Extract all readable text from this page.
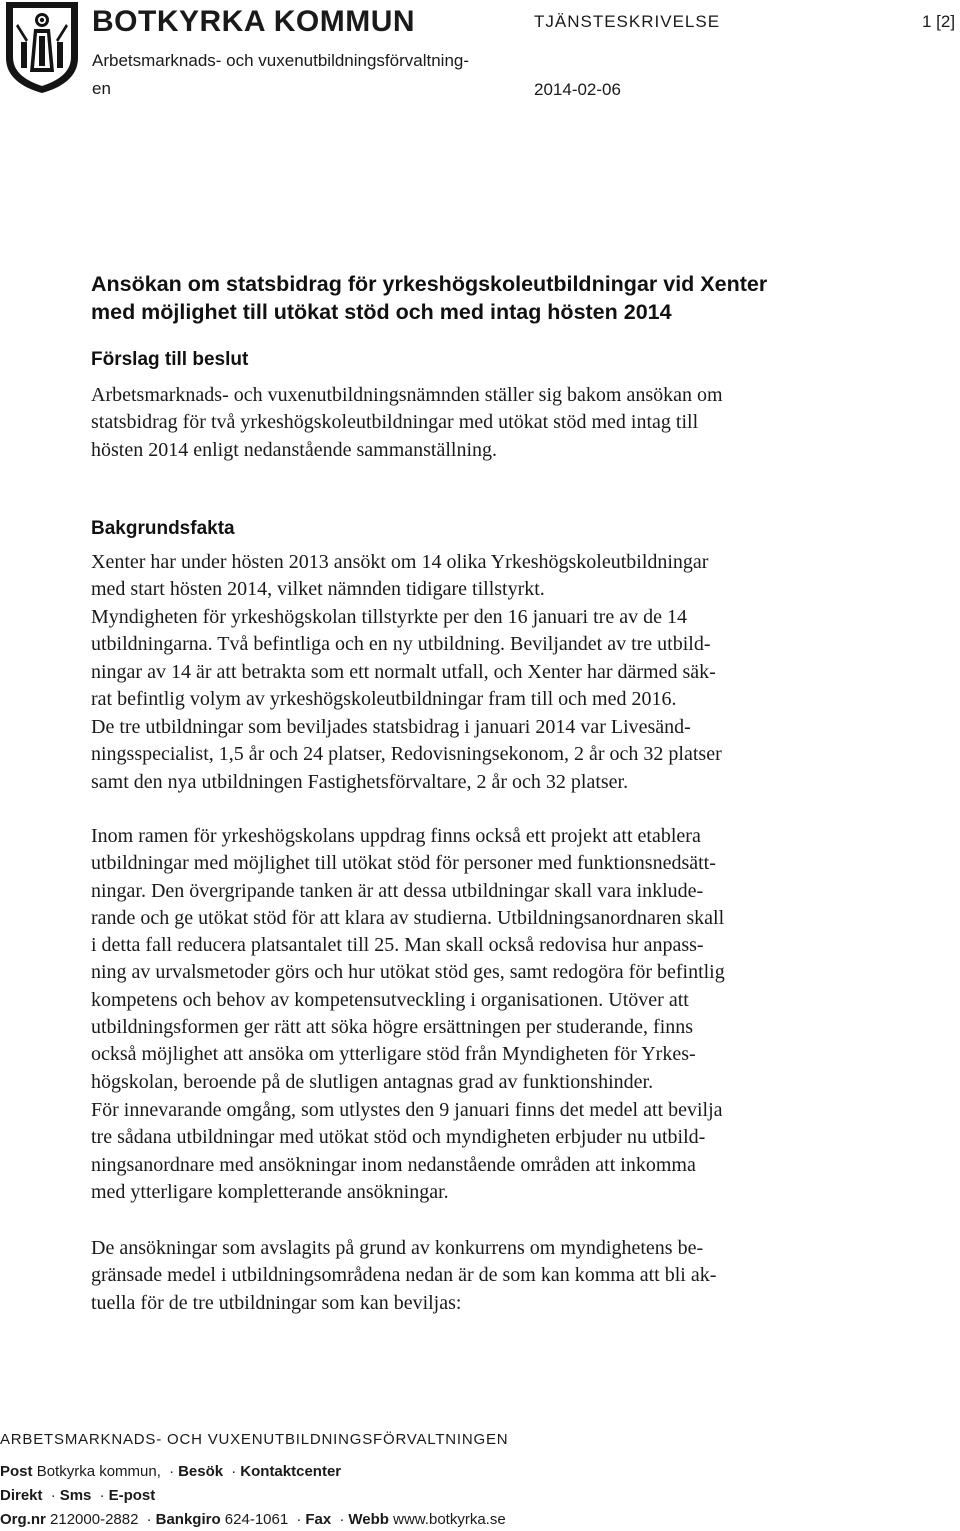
BOTKYRKA KOMMUN
Arbetsmarknads- och vuxenutbildningsförvaltning-
en
TJÄNSTESKRIVELSE	1 [2]
2014-02-06
Ansökan om statsbidrag för yrkeshögskoleutbildningar vid Xenter
med möjlighet till utökat stöd och med intag hösten 2014
Förslag till beslut

Arbetsmarknads- och vuxenutbildningsnämnden ställer sig bakom ansökan om
statsbidrag för två yrkeshögskoleutbildningar med utökat stöd med intag till
hösten 2014 enligt nedanstående sammanställning.

Bakgrundsfakta

Xenter har under hösten 2013 ansökt om 14 olika Yrkeshögskoleutbildningar
med start hösten 2014, vilket nämnden tidigare tillstyrkt.

Myndigheten för yrkeshögskolan tillstyrkte per den 16 januari tre av de 14
utbildningarna. Två befintliga och en ny utbildning. Beviljandet av tre utbild-
ningar av 14 är att betrakta som ett normalt utfall, och Xenter har därmed säk-
rat befintlig volym av yrkeshögskoleutbildningar fram till och med 2016.

De tre utbildningar som beviljades statsbidrag i januari 2014 var Livesänd-
ningsspecialist, 1,5 år och 24 platser, Redovisningsekonom, 2 år och 32 platser
samt den nya utbildningen Fastighetsförvaltare, 2 år och 32 platser.

Inom ramen för yrkeshögskolans uppdrag finns också ett projekt att etablera
utbildningar med möjlighet till utökat stöd för personer med funktionsnedsätt-
ningar. Den övergripande tanken är att dessa utbildningar skall vara inklude-
rande och ge utökat stöd för att klara av studierna. Utbildningsanordnaren skall
i detta fall reducera platsantalet till 25. Man skall också redovisa hur anpass-
ning av urvalsmetoder görs och hur utökat stöd ges, samt redogöra för befintlig
kompetens och behov av kompetensutveckling i organisationen. Utöver att
utbildningsformen ger rätt att söka högre ersättningen per studerande, finns
också möjlighet att ansöka om ytterligare stöd från Myndigheten för Yrkes-
högskolan, beroende på de slutligen antagnas grad av funktionshinder.

För innevarande omgång, som utlystes den 9 januari finns det medel att bevilja
tre sådana utbildningar med utökat stöd och myndigheten erbjuder nu utbild-
ningsanordnare med ansökningar inom nedanstående områden att inkomma
med ytterligare kompletterande ansökningar.

De ansökningar som avslagits på grund av konkurrens om myndighetens be-
gränsade medel i utbildningsområdena nedan är de som kan komma att bli ak-
tuella för de tre utbildningar som kan beviljas:

ARBETSMARKNADS- OCH VUXENUTBILDNINGSFÖRVALTNINGEN
Post Botkyrka kommun, · Besök · Kontaktcenter
Direkt · Sms · E-post
Org.nr 212000-2882 · Bankgiro 624-1061 · Fax · Webb www.botkyrka.se
